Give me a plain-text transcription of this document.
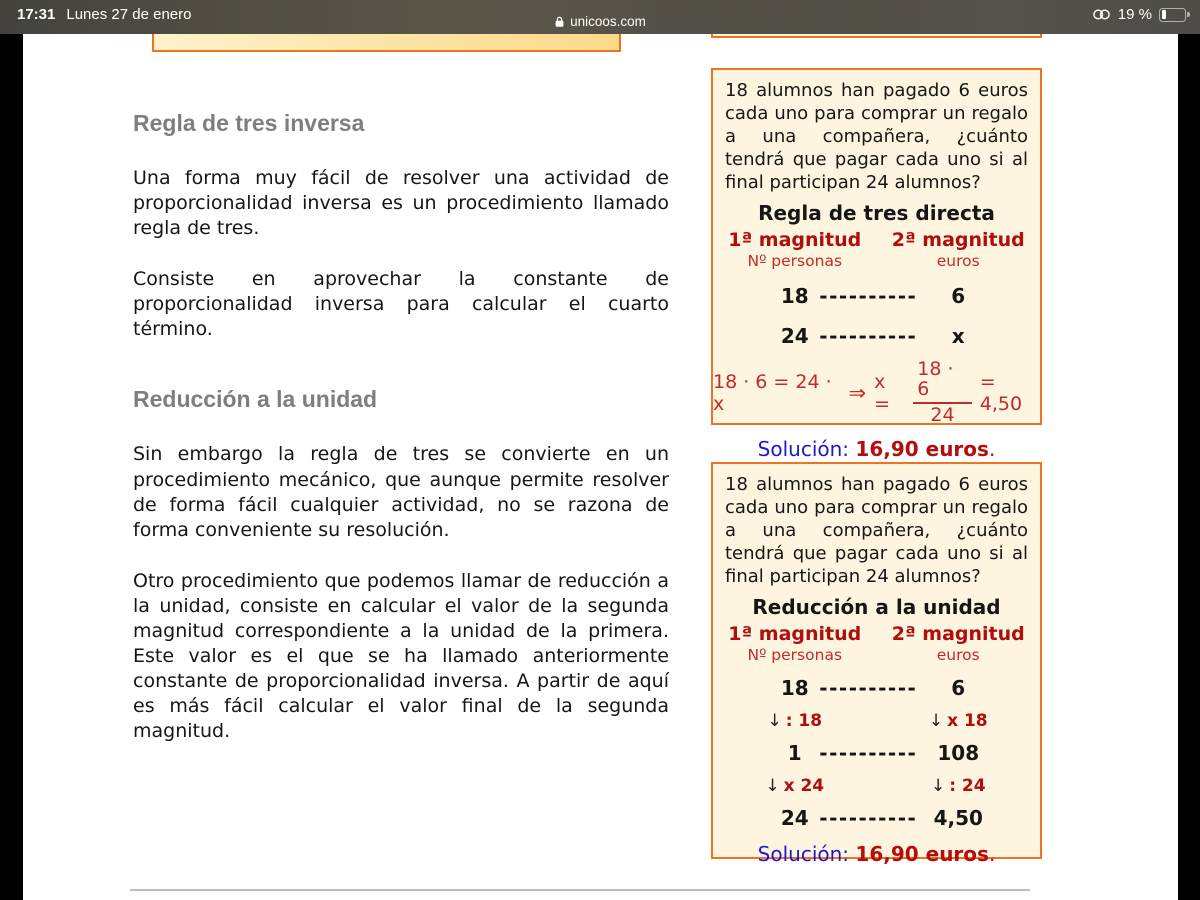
Regla de tres inversa

Una forma muy fácil de resolver una actividad de proporcionalidad inversa es un procedimiento llamado regla de tres.

Consiste en aprovechar la constante de proporcionalidad inversa para calcular el cuarto término.

Reducción a la unidad

Sin embargo la regla de tres se convierte en un procedimiento mecánico, que aunque permite resolver de forma fácil cualquier actividad, no se razona de forma conveniente su resolución.

Otro procedimiento que podemos llamar de reducción a la unidad, consiste en calcular el valor de la segunda magnitud correspondiente a la unidad de la primera. Este valor es el que se ha llamado anteriormente constante de proporcionalidad inversa. A partir de aquí es más fácil calcular el valor final de la segunda magnitud.

18 alumnos han pagado 6 euros cada uno para comprar un regalo a una compañera, ¿cuánto tendrá que pagar cada uno si al final participan 24 alumnos?

Regla de tres directa
1ª magnitud	2ª magnitud
Nº personas	euros
18 ----------	6
24 ----------	x
18 · 6 = 24 · x	⇒ x =	$\frac{18 \cdot 6}{24} = 4,50$
Solución: 16,90 euros.

18 alumnos han pagado 6 euros cada uno para comprar un regalo a una compañera, ¿cuánto tendrá que pagar cada uno si al final participan 24 alumnos?

Reducción a la unidad
1ª magnitud	2ª magnitud
Nº personas	euros
18 ----------	6
↓ : 18	↓ x 18
1 ----------	108
↓ x 24	↓ : 24
24 ---------- 4,50
Solución: 16,90 euros.
17:31 Lunes 27 de enero	unicoos.com	19 %
